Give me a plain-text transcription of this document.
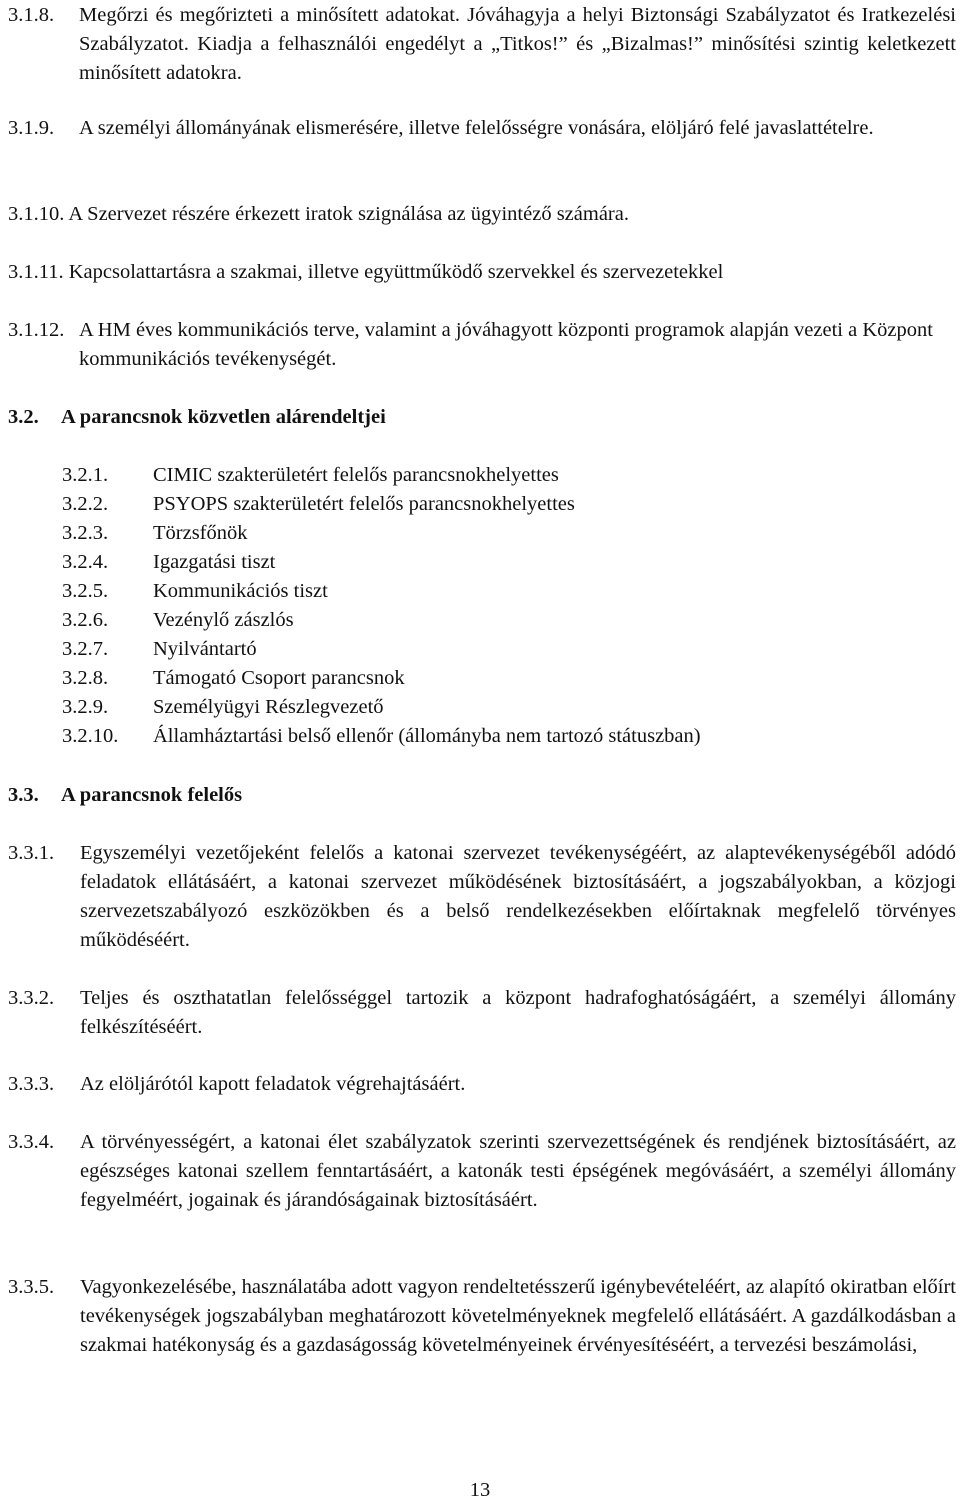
3.1.8. Megőrzi és megőrizteti a minősített adatokat. Jóváhagyja a helyi Biztonsági Szabályzatot és Iratkezelési Szabályzatot. Kiadja a felhasználói engedélyt a „Titkos!” és „Bizalmas!” minősítési szintig keletkezett minősített adatokra.
3.1.9. A személyi állományának elismerésére, illetve felelősségre vonására, elöljáró felé javaslattételre.
3.1.10. A Szervezet részére érkezett iratok szignálása az ügyintéző számára.
3.1.11. Kapcsolattartásra a szakmai, illetve együttműködő szervekkel és szervezetekkel
3.1.12. A HM éves kommunikációs terve, valamint a jóváhagyott központi programok alapján vezeti a Központ kommunikációs tevékenységét.
3.2. A parancsnok közvetlen alárendeltjei
3.2.1. CIMIC szakterületért felelős parancsnokhelyettes
3.2.2. PSYOPS szakterületért felelős parancsnokhelyettes
3.2.3. Törzsfőnök
3.2.4. Igazgatási tiszt
3.2.5. Kommunikációs tiszt
3.2.6. Vezénylő zászlós
3.2.7. Nyilvántartó
3.2.8. Támogató Csoport parancsnok
3.2.9. Személyügyi Részlegvezető
3.2.10. Államháztartási belső ellenőr (állományba nem tartozó státuszban)
3.3. A parancsnok felelős
3.3.1. Egyszemélyi vezetőjeként felelős a katonai szervezet tevékenységéért, az alaptevékenységéből adódó feladatok ellátásáért, a katonai szervezet működésének biztosításáért, a jogszabályokban, a közjogi szervezetszabályozó eszközökben és a belső rendelkezésekben előírtaknak megfelelő törvényes működéséért.
3.3.2. Teljes és oszthatatlan felelősséggel tartozik a központ hadrafoghatóságáért, a személyi állomány felkészítéséért.
3.3.3. Az elöljárótól kapott feladatok végrehajtásáért.
3.3.4. A törvényességért, a katonai élet szabályzatok szerinti szervezettségének és rendjének biztosításáért, az egészséges katonai szellem fenntartásáért, a katonák testi épségének megóvásáért, a személyi állomány fegyelméért, jogainak és járandóságainak biztosításáért.
3.3.5. Vagyonkezelésébe, használatába adott vagyon rendeltetésszerű igénybevételéért, az alapító okiratban előírt tevékenységek jogszabályban meghatározott követelményeknek megfelelő ellátásáért. A gazdálkodásban a szakmai hatékonyság és a gazdaságosság követelményeinek érvényesítéséért, a tervezési beszámolási,
13
